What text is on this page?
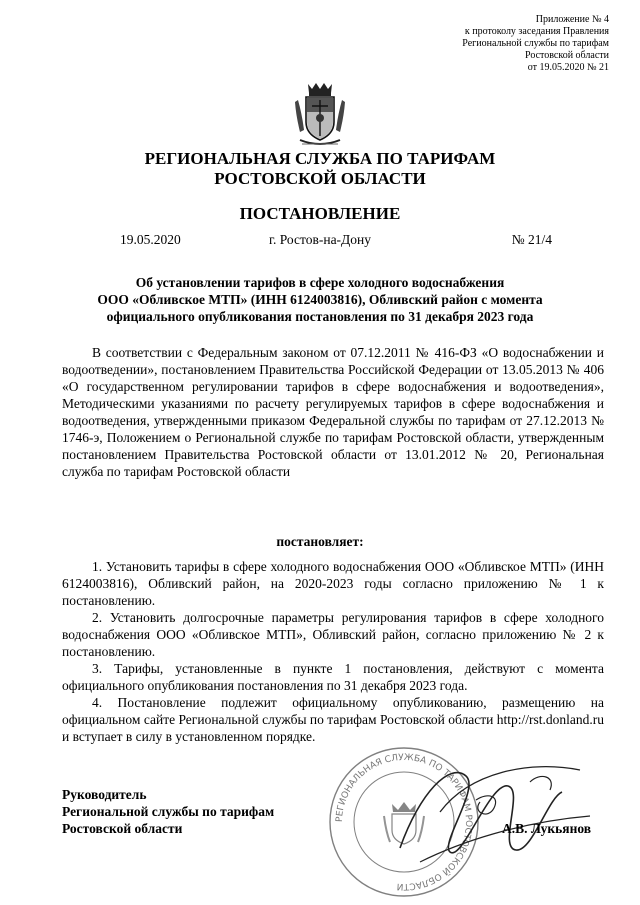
Приложение № 4
к протоколу заседания Правления
Региональной службы по тарифам
Ростовской области
от 19.05.2020 № 21
РЕГИОНАЛЬНАЯ СЛУЖБА ПО ТАРИФАМ
РОСТОВСКОЙ ОБЛАСТИ
ПОСТАНОВЛЕНИЕ
19.05.2020	г. Ростов-на-Дону	№ 21/4
Об установлении тарифов в сфере холодного водоснабжения
ООО «Обливское МТП» (ИНН 6124003816), Обливский район с момента
официального опубликования постановления по 31 декабря 2023 года

В соответствии с Федеральным законом от 07.12.2011 № 416-ФЗ «О водоснабжении и водоотведении», постановлением Правительства Российской Федерации от 13.05.2013 № 406 «О государственном регулировании тарифов в сфере водоснабжения и водоотведения», Методическими указаниями по расчету регулируемых тарифов в сфере водоснабжения и водоотведения, утвержденными приказом Федеральной службы по тарифам от 27.12.2013 № 1746-э, Положением о Региональной службе по тарифам Ростовской области, утвержденным постановлением Правительства Ростовской области от 13.01.2012 № 20, Региональная служба по тарифам Ростовской области

постановляет:

1. Установить тарифы в сфере холодного водоснабжения ООО «Обливское МТП» (ИНН 6124003816), Обливский район, на 2020-2023 годы согласно приложению № 1 к постановлению.

2. Установить долгосрочные параметры регулирования тарифов в сфере холодного водоснабжения ООО «Обливское МТП», Обливский район, согласно приложению № 2 к постановлению.

3. Тарифы, установленные в пункте 1 постановления, действуют с момента официального опубликования постановления по 31 декабря 2023 года.

4. Постановление подлежит официальному опубликованию, размещению на официальном сайте Региональной службы по тарифам Ростовской области http://rst.donland.ru и вступает в силу в установленном порядке.

РЕГИОНАЛЬНАЯ СЛУЖБА ПО ТАРИФАМ РОСТОВСКОЙ ОБЛАСТИ
Руководитель
Региональной службы по тарифам
Ростовской области	А.В. Лукьянов
